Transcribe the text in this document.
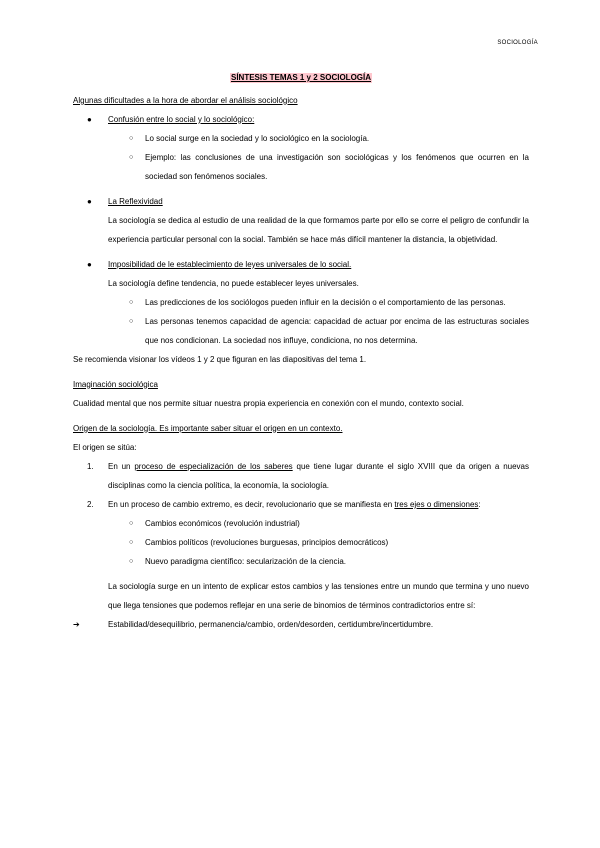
SOCIOLOGÍA
SÍNTESIS TEMAS 1 y 2 SOCIOLOGÍA
Algunas dificultades a la hora de abordar el análisis sociológico
● Confusión entre lo social y lo sociológico:
○ Lo social surge en la sociedad y lo sociológico en la sociología.
○ Ejemplo: las conclusiones de una investigación son sociológicas y los fenómenos que ocurren en la sociedad son fenómenos sociales.
● La Reflexividad
La sociología se dedica al estudio de una realidad de la que formamos parte por ello se corre el peligro de confundir la experiencia particular personal con la social. También se hace más difícil mantener la distancia, la objetividad.
● Imposibilidad de le establecimiento de leyes universales de lo social.
La sociología define tendencia, no puede establecer leyes universales.
○ Las predicciones de los sociólogos pueden influir en la decisión o el comportamiento de las personas.
○ Las personas tenemos capacidad de agencia: capacidad de actuar por encima de las estructuras sociales que nos condicionan. La sociedad nos influye, condiciona, no nos determina.
Se recomienda visionar los vídeos 1 y 2 que figuran en las diapositivas del tema 1.
Imaginación sociológica
Cualidad mental que nos permite situar nuestra propia experiencia en conexión con el mundo, contexto social.
Origen de la sociología. Es importante saber situar el origen en un contexto.
El origen se sitúa:
1. En un proceso de especialización de los saberes que tiene lugar durante el siglo XVIII que da origen a nuevas disciplinas como la ciencia política, la economía, la sociología.
2. En un proceso de cambio extremo, es decir, revolucionario que se manifiesta en tres ejes o dimensiones:
○ Cambios económicos (revolución industrial)
○ Cambios políticos (revoluciones burguesas, principios democráticos)
○ Nuevo paradigma científico: secularización de la ciencia.
La sociología surge en un intento de explicar estos cambios y las tensiones entre un mundo que termina y uno nuevo que llega tensiones que podemos reflejar en una serie de binomios de términos contradictorios entre sí:
➔	Estabilidad/desequilibrio, permanencia/cambio, orden/desorden, certidumbre/incertidumbre.
